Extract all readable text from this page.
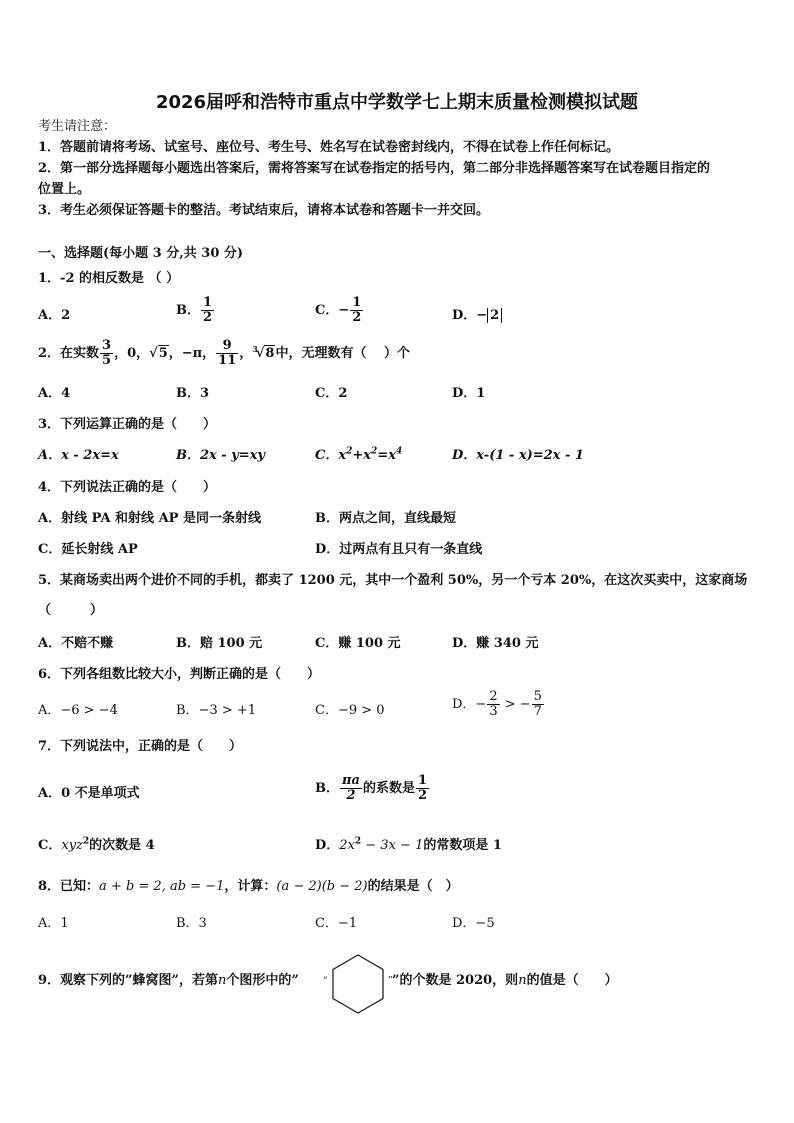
2026届呼和浩特市重点中学数学七上期末质量检测模拟试题
考生请注意：
1．答题前请将考场、试室号、座位号、考生号、姓名写在试卷密封线内，不得在试卷上作任何标记。
2．第一部分选择题每小题选出答案后，需将答案写在试卷指定的括号内，第二部分非选择题答案写在试卷题目指定的
位置上。
3．考生必须保证答题卡的整洁。考试结束后，请将本试卷和答题卡一并交回。
一、选择题(每小题 3 分,共 30 分)
1．-2 的相反数是 （ ）
A．2	B． $\frac{1}{2}$	C．− $\frac{1}{2}$	D．− 2
2．在实数 $\frac{3}{5}$ ，0，√5，−π， $\frac{9}{11}$ ，$^3$√8中，无理数有（　 ）个
A．4	B．3	C．2	D．1
3．下列运算正确的是（　　）
A．x - 2x=x	B．2x - y=xy	C．$x^2+x^2=x^4$	D．x-(1 - x)=2x - 1
4．下列说法正确的是（　　）
A．射线 PA 和射线 AP 是同一条射线	B．两点之间，直线最短
C．延长射线 AP	D．过两点有且只有一条直线
5．某商场卖出两个进价不同的手机，都卖了 1200 元，其中一个盈利 50%，另一个亏本 20%，在这次买卖中，这家商场
（　　　）
A．不赔不赚	B．赔 100 元	C．赚 100 元	D．赚 340 元
6．下列各组数比较大小，判断正确的是（　　）
A．−6 > −4	B．−3 > +1	C．−9 > 0	D．− $\frac{2}{3}$ > − $\frac{5}{7}$
7．下列说法中，正确的是（　　）
A．0 不是单项式	B． $\frac{\pi a}{2}$ 的系数是 $\frac{1}{2}$
C．xyz$^2$的次数是 4	D．$2x^2 - 3x - 1$的常数项是 1
8．已知：a + b = 2, ab = −1，计算：(a − 2)(b − 2)的结果是（　）
A．1	B．3	C．−1	D．−5
9．观察下列的”蜂窝图”，若第n个图形中的”	“	” ”的个数是 2020，则n的值是（　　）
